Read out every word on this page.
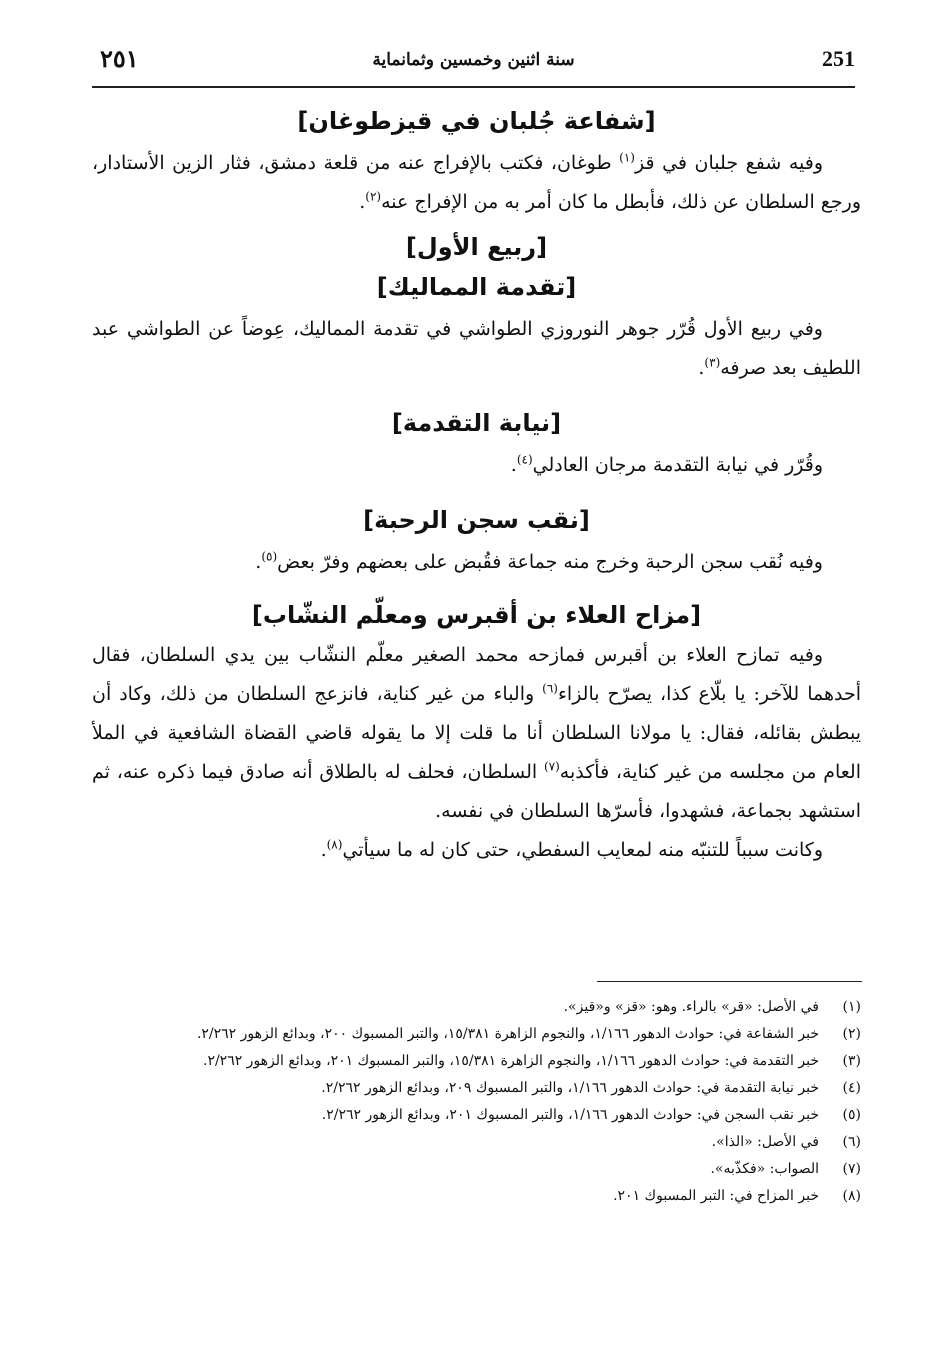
٢٥١	سنة اثنين وخمسين وثمانماية	251
[شفاعة جُلبان في قيزطوغان]

وفيه شفع جلبان في قز$^{(١)}$ طوغان، فكتب بالإفراج عنه من قلعة دمشق، فثار الزين الأستادار، ورجع السلطان عن ذلك، فأبطل ما كان أمر به من الإفراج عنه$^{(٢)}$.

[ربيع الأول]
[تقدمة المماليك]

وفي ربيع الأول قُرّر جوهر النوروزي الطواشي في تقدمة المماليك، عِوضاً عن الطواشي عبد اللطيف بعد صرفه$^{(٣)}$.

[نيابة التقدمة]

وقُرّر في نيابة التقدمة مرجان العادلي$^{(٤)}$.

[نقب سجن الرحبة]

وفيه نُقب سجن الرحبة وخرج منه جماعة فقُبض على بعضهم وفرّ بعض$^{(٥)}$.

[مزاح العلاء بن أقبرس ومعلّم النشّاب]

وفيه تمازح العلاء بن أقبرس فمازحه محمد الصغير معلّم النشّاب بين يدي السلطان، فقال أحدهما للآخر: يا بلّاع كذا، يصرّح بالزاء$^{(٦)}$ والباء من غير كناية، فانزعج السلطان من ذلك، وكاد أن يبطش بقائله، فقال: يا مولانا السلطان أنا ما قلت إلا ما يقوله قاضي القضاة الشافعية في الملأ العام من مجلسه من غير كناية، فأكذبه$^{(٧)}$ السلطان، فحلف له بالطلاق أنه صادق فيما ذكره عنه، ثم استشهد بجماعة، فشهدوا، فأسرّها السلطان في نفسه.

وكانت سبباً للتنبّه منه لمعايب السفطي، حتى كان له ما سيأتي$^{(٨)}$.

(١)
في الأصل: «قر» بالراء. وهو: «قز» و«قيز».
(٢)
خبر الشفاعة في: حوادث الدهور ١/١٦٦، والنجوم الزاهرة ١٥/٣٨١، والتبر المسبوك ٢٠٠، وبدائع الزهور ٢/٢٦٢.
(٣)
خبر التقدمة في: حوادث الدهور ١/١٦٦، والنجوم الزاهرة ١٥/٣٨١، والتبر المسبوك ٢٠١، وبدائع الزهور ٢/٢٦٢.
(٤)
خبر نيابة التقدمة في: حوادث الدهور ١/١٦٦، والتبر المسبوك ٢٠٩، وبدائع الزهور ٢/٢٦٢.
(٥)
خبر نقب السجن في: حوادث الدهور ١/١٦٦، والتبر المسبوك ٢٠١، وبدائع الزهور ٢/٢٦٢.
(٦)
في الأصل: «الذا».
(٧)
الصواب: «فكذّبه».
(٨)
خبر المزاح في: التبر المسبوك ٢٠١.
